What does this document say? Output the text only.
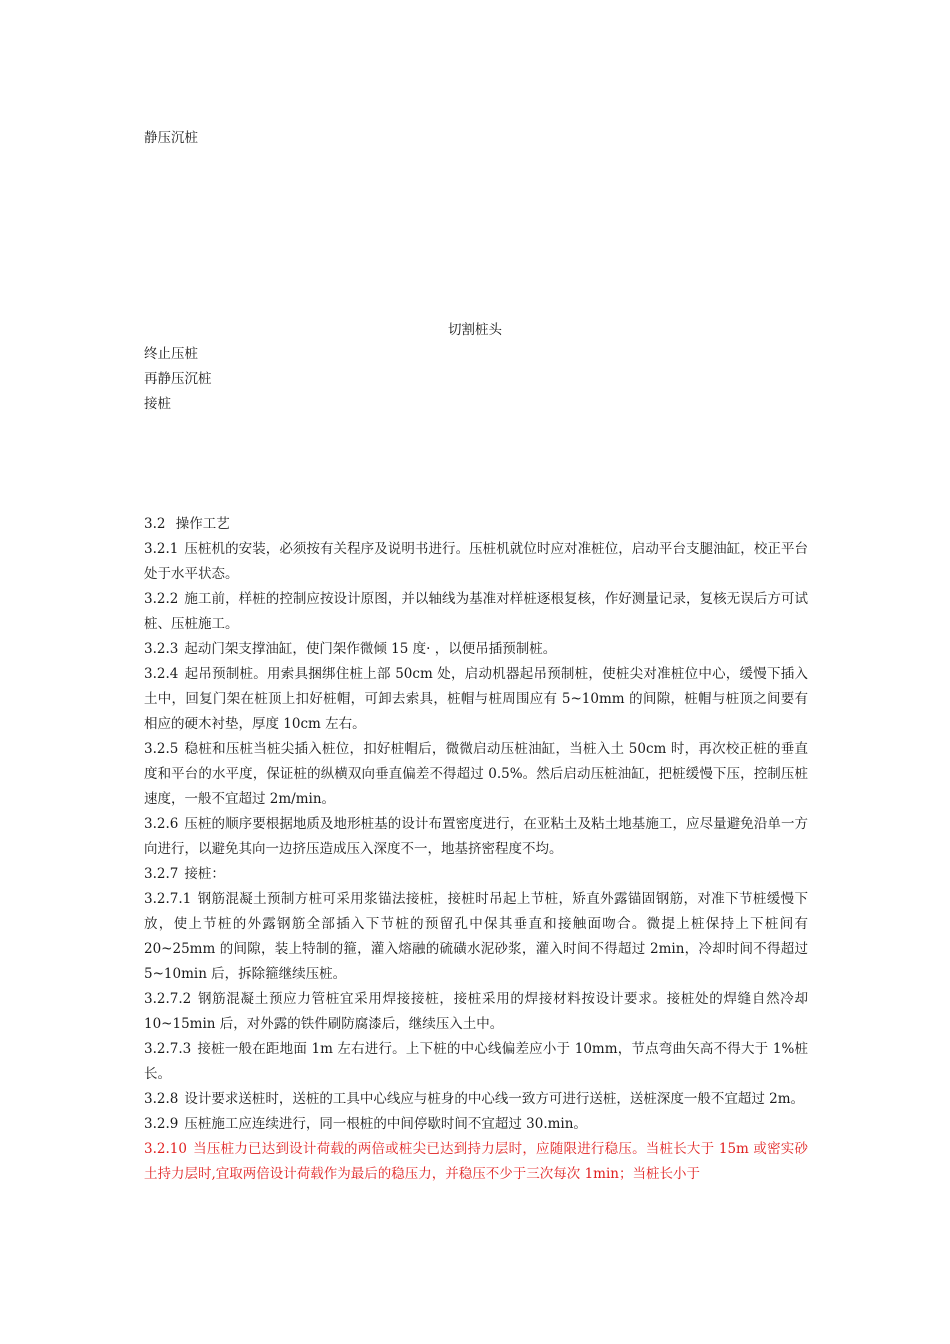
静压沉桩
切割桩头
终止压桩
再静压沉桩
接桩

3.2 操作工艺

3.2.1 压桩机的安装，必须按有关程序及说明书进行。压桩机就位时应对准桩位，启动平台支腿油缸，校正平台处于水平状态。

3.2.2 施工前，样桩的控制应按设计原图，并以轴线为基准对样桩逐根复核，作好测量记录，复核无误后方可试桩、压桩施工。

3.2.3 起动门架支撑油缸，使门架作微倾 15 度· ，以便吊插预制桩。

3.2.4 起吊预制桩。用索具捆绑住桩上部 50cm 处，启动机器起吊预制桩，使桩尖对准桩位中心，缓慢下插入土中，回复门架在桩顶上扣好桩帽，可卸去索具，桩帽与桩周围应有 5~10mm 的间隙，桩帽与桩顶之间要有相应的硬木衬垫，厚度 10cm 左右。

3.2.5 稳桩和压桩当桩尖插入桩位，扣好桩帽后，微微启动压桩油缸，当桩入土 50cm 时，再次校正桩的垂直度和平台的水平度，保证桩的纵横双向垂直偏差不得超过 0.5%。然后启动压桩油缸，把桩缓慢下压，控制压桩速度，一般不宜超过 2m/min。

3.2.6 压桩的顺序要根据地质及地形桩基的设计布置密度进行，在亚粘土及粘土地基施工，应尽量避免沿单一方向进行，以避免其向一边挤压造成压入深度不一，地基挤密程度不均。

3.2.7 接桩：

3.2.7.1 钢筋混凝土预制方桩可采用浆锚法接桩，接桩时吊起上节桩，矫直外露锚固钢筋，对准下节桩缓慢下放，使上节桩的外露钢筋全部插入下节桩的预留孔中保其垂直和接触面吻合。微提上桩保持上下桩间有 20~25mm 的间隙，装上特制的箍，灌入熔融的硫磺水泥砂浆，灌入时间不得超过 2min，冷却时间不得超过 5~10min 后，拆除箍继续压桩。

3.2.7.2 钢筋混凝土预应力管桩宜采用焊接接桩，接桩采用的焊接材料按设计要求。接桩处的焊缝自然冷却 10~15min 后，对外露的铁件刷防腐漆后，继续压入土中。

3.2.7.3 接桩一般在距地面 1m 左右进行。上下桩的中心线偏差应小于 10mm，节点弯曲矢高不得大于 1%桩长。

3.2.8 设计要求送桩时，送桩的工具中心线应与桩身的中心线一致方可进行送桩，送桩深度一般不宜超过 2m。

3.2.9 压桩施工应连续进行，同一根桩的中间停歇时间不宜超过 30.min。

3.2.10 当压桩力已达到设计荷载的两倍或桩尖已达到持力层时，应随限进行稳压。当桩长大于 15m 或密实砂土持力层时,宜取两倍设计荷载作为最后的稳压力，并稳压不少于三次每次 1min；当桩长小于
